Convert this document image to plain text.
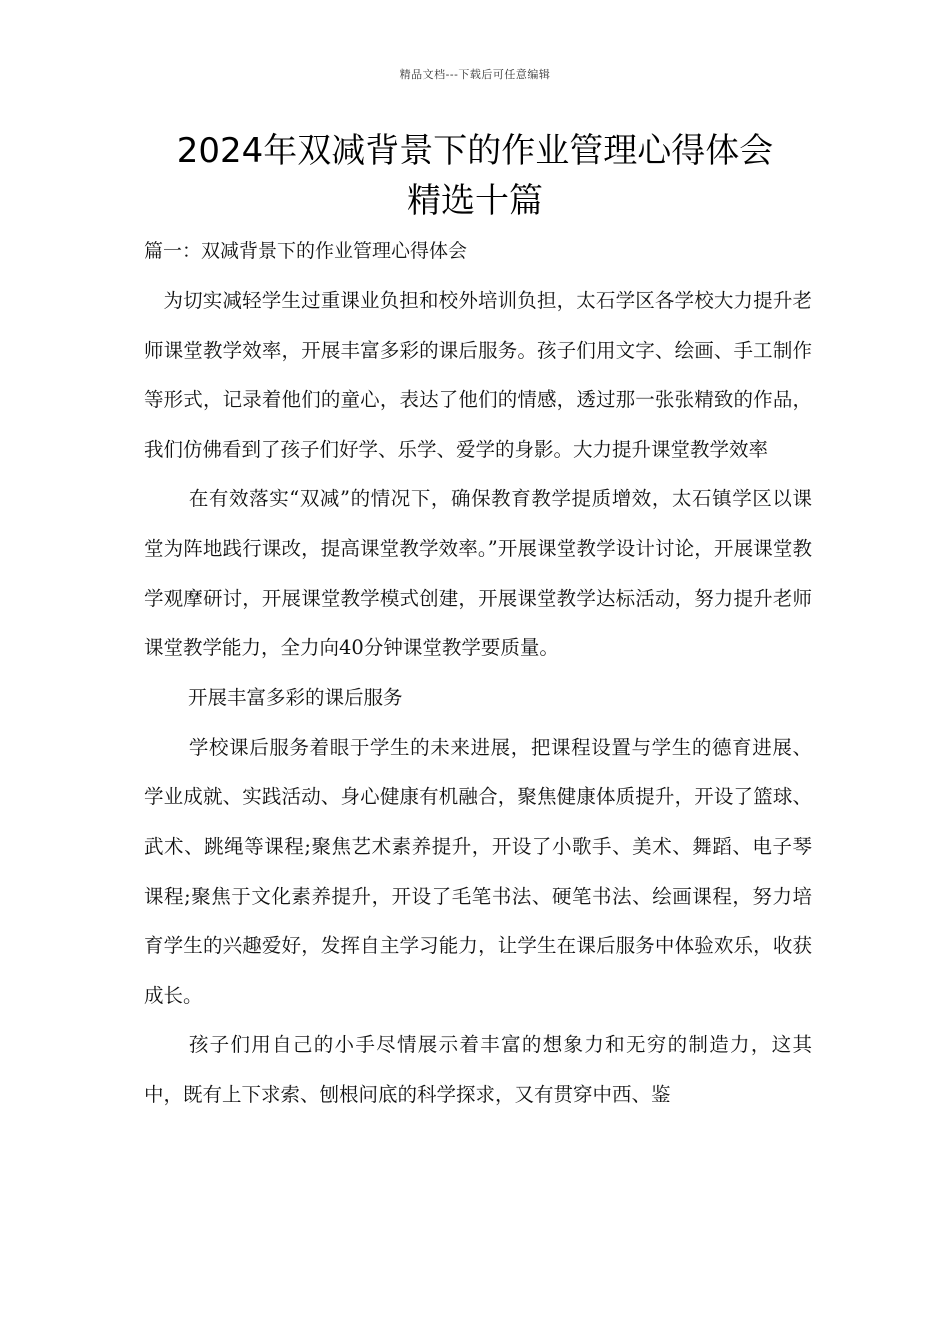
精品文档---下载后可任意编辑
2024年双减背景下的作业管理心得体会
精选十篇

篇一：双减背景下的作业管理心得体会

为切实减轻学生过重课业负担和校外培训负担，太石学区各学校大力提升老师课堂教学效率，开展丰富多彩的课后服务。孩子们用文字、绘画、手工制作等形式，记录着他们的童心，表达了他们的情感，透过那一张张精致的作品，我们仿佛看到了孩子们好学、乐学、爱学的身影。大力提升课堂教学效率

在有效落实“双减”的情况下，确保教育教学提质增效，太石镇学区以课堂为阵地践行课改，提高课堂教学效率。”开展课堂教学设计讨论，开展课堂教学观摩研讨，开展课堂教学模式创建，开展课堂教学达标活动，努力提升老师课堂教学能力，全力向40分钟课堂教学要质量。

开展丰富多彩的课后服务

学校课后服务着眼于学生的未来进展，把课程设置与学生的德育进展、学业成就、实践活动、身心健康有机融合，聚焦健康体质提升，开设了篮球、武术、跳绳等课程;聚焦艺术素养提升，开设了小歌手、美术、舞蹈、电子琴课程;聚焦于文化素养提升，开设了毛笔书法、硬笔书法、绘画课程，努力培育学生的兴趣爱好，发挥自主学习能力，让学生在课后服务中体验欢乐，收获成长。

孩子们用自己的小手尽情展示着丰富的想象力和无穷的制造力，这其中，既有上下求索、刨根问底的科学探求，又有贯穿中西、鉴
